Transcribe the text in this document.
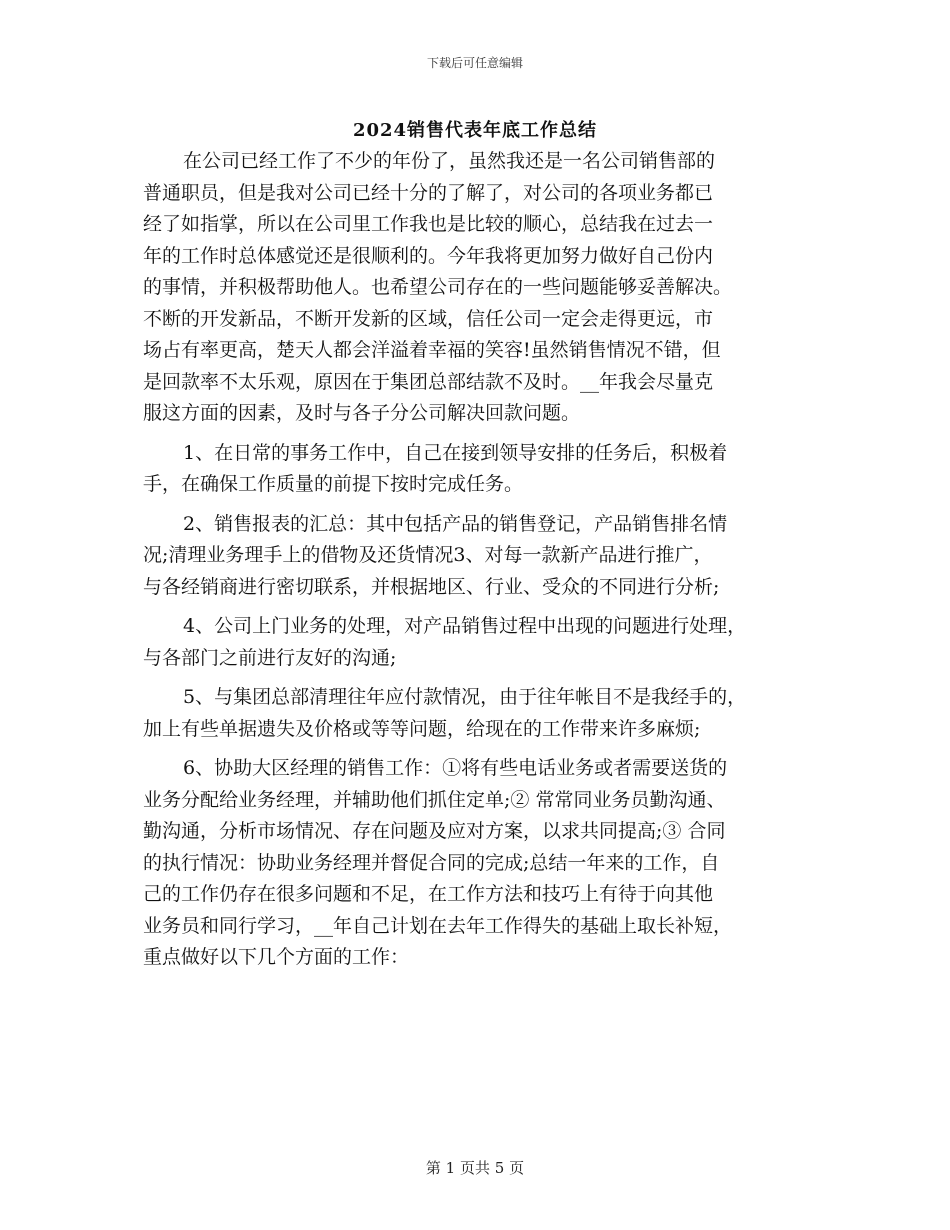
下载后可任意编辑
2024销售代表年底工作总结
在公司已经工作了不少的年份了，虽然我还是一名公司销售部的
普通职员，但是我对公司已经十分的了解了，对公司的各项业务都已
经了如指掌，所以在公司里工作我也是比较的顺心，总结我在过去一
年的工作时总体感觉还是很顺利的。今年我将更加努力做好自己份内
的事情，并积极帮助他人。也希望公司存在的一些问题能够妥善解决。
不断的开发新品，不断开发新的区域，信任公司一定会走得更远，市
场占有率更高，楚天人都会洋溢着幸福的笑容!虽然销售情况不错，但
是回款率不太乐观，原因在于集团总部结款不及时。__年我会尽量克
服这方面的因素，及时与各子分公司解决回款问题。
1、在日常的事务工作中，自己在接到领导安排的任务后，积极着
手，在确保工作质量的前提下按时完成任务。
2、销售报表的汇总：其中包括产品的销售登记，产品销售排名情
况;清理业务理手上的借物及还货情况3、对每一款新产品进行推广，
与各经销商进行密切联系，并根据地区、行业、受众的不同进行分析;
4、公司上门业务的处理，对产品销售过程中出现的问题进行处理，
与各部门之前进行友好的沟通;
5、与集团总部清理往年应付款情况，由于往年帐目不是我经手的，
加上有些单据遗失及价格或等等问题，给现在的工作带来许多麻烦;
6、协助大区经理的销售工作：①将有些电话业务或者需要送货的
业务分配给业务经理，并辅助他们抓住定单;② 常常同业务员勤沟通、
勤沟通，分析市场情况、存在问题及应对方案，以求共同提高;③ 合同
的执行情况：协助业务经理并督促合同的完成;总结一年来的工作，自
己的工作仍存在很多问题和不足，在工作方法和技巧上有待于向其他
业务员和同行学习，__年自己计划在去年工作得失的基础上取长补短，
重点做好以下几个方面的工作：
第 1 页共 5 页
